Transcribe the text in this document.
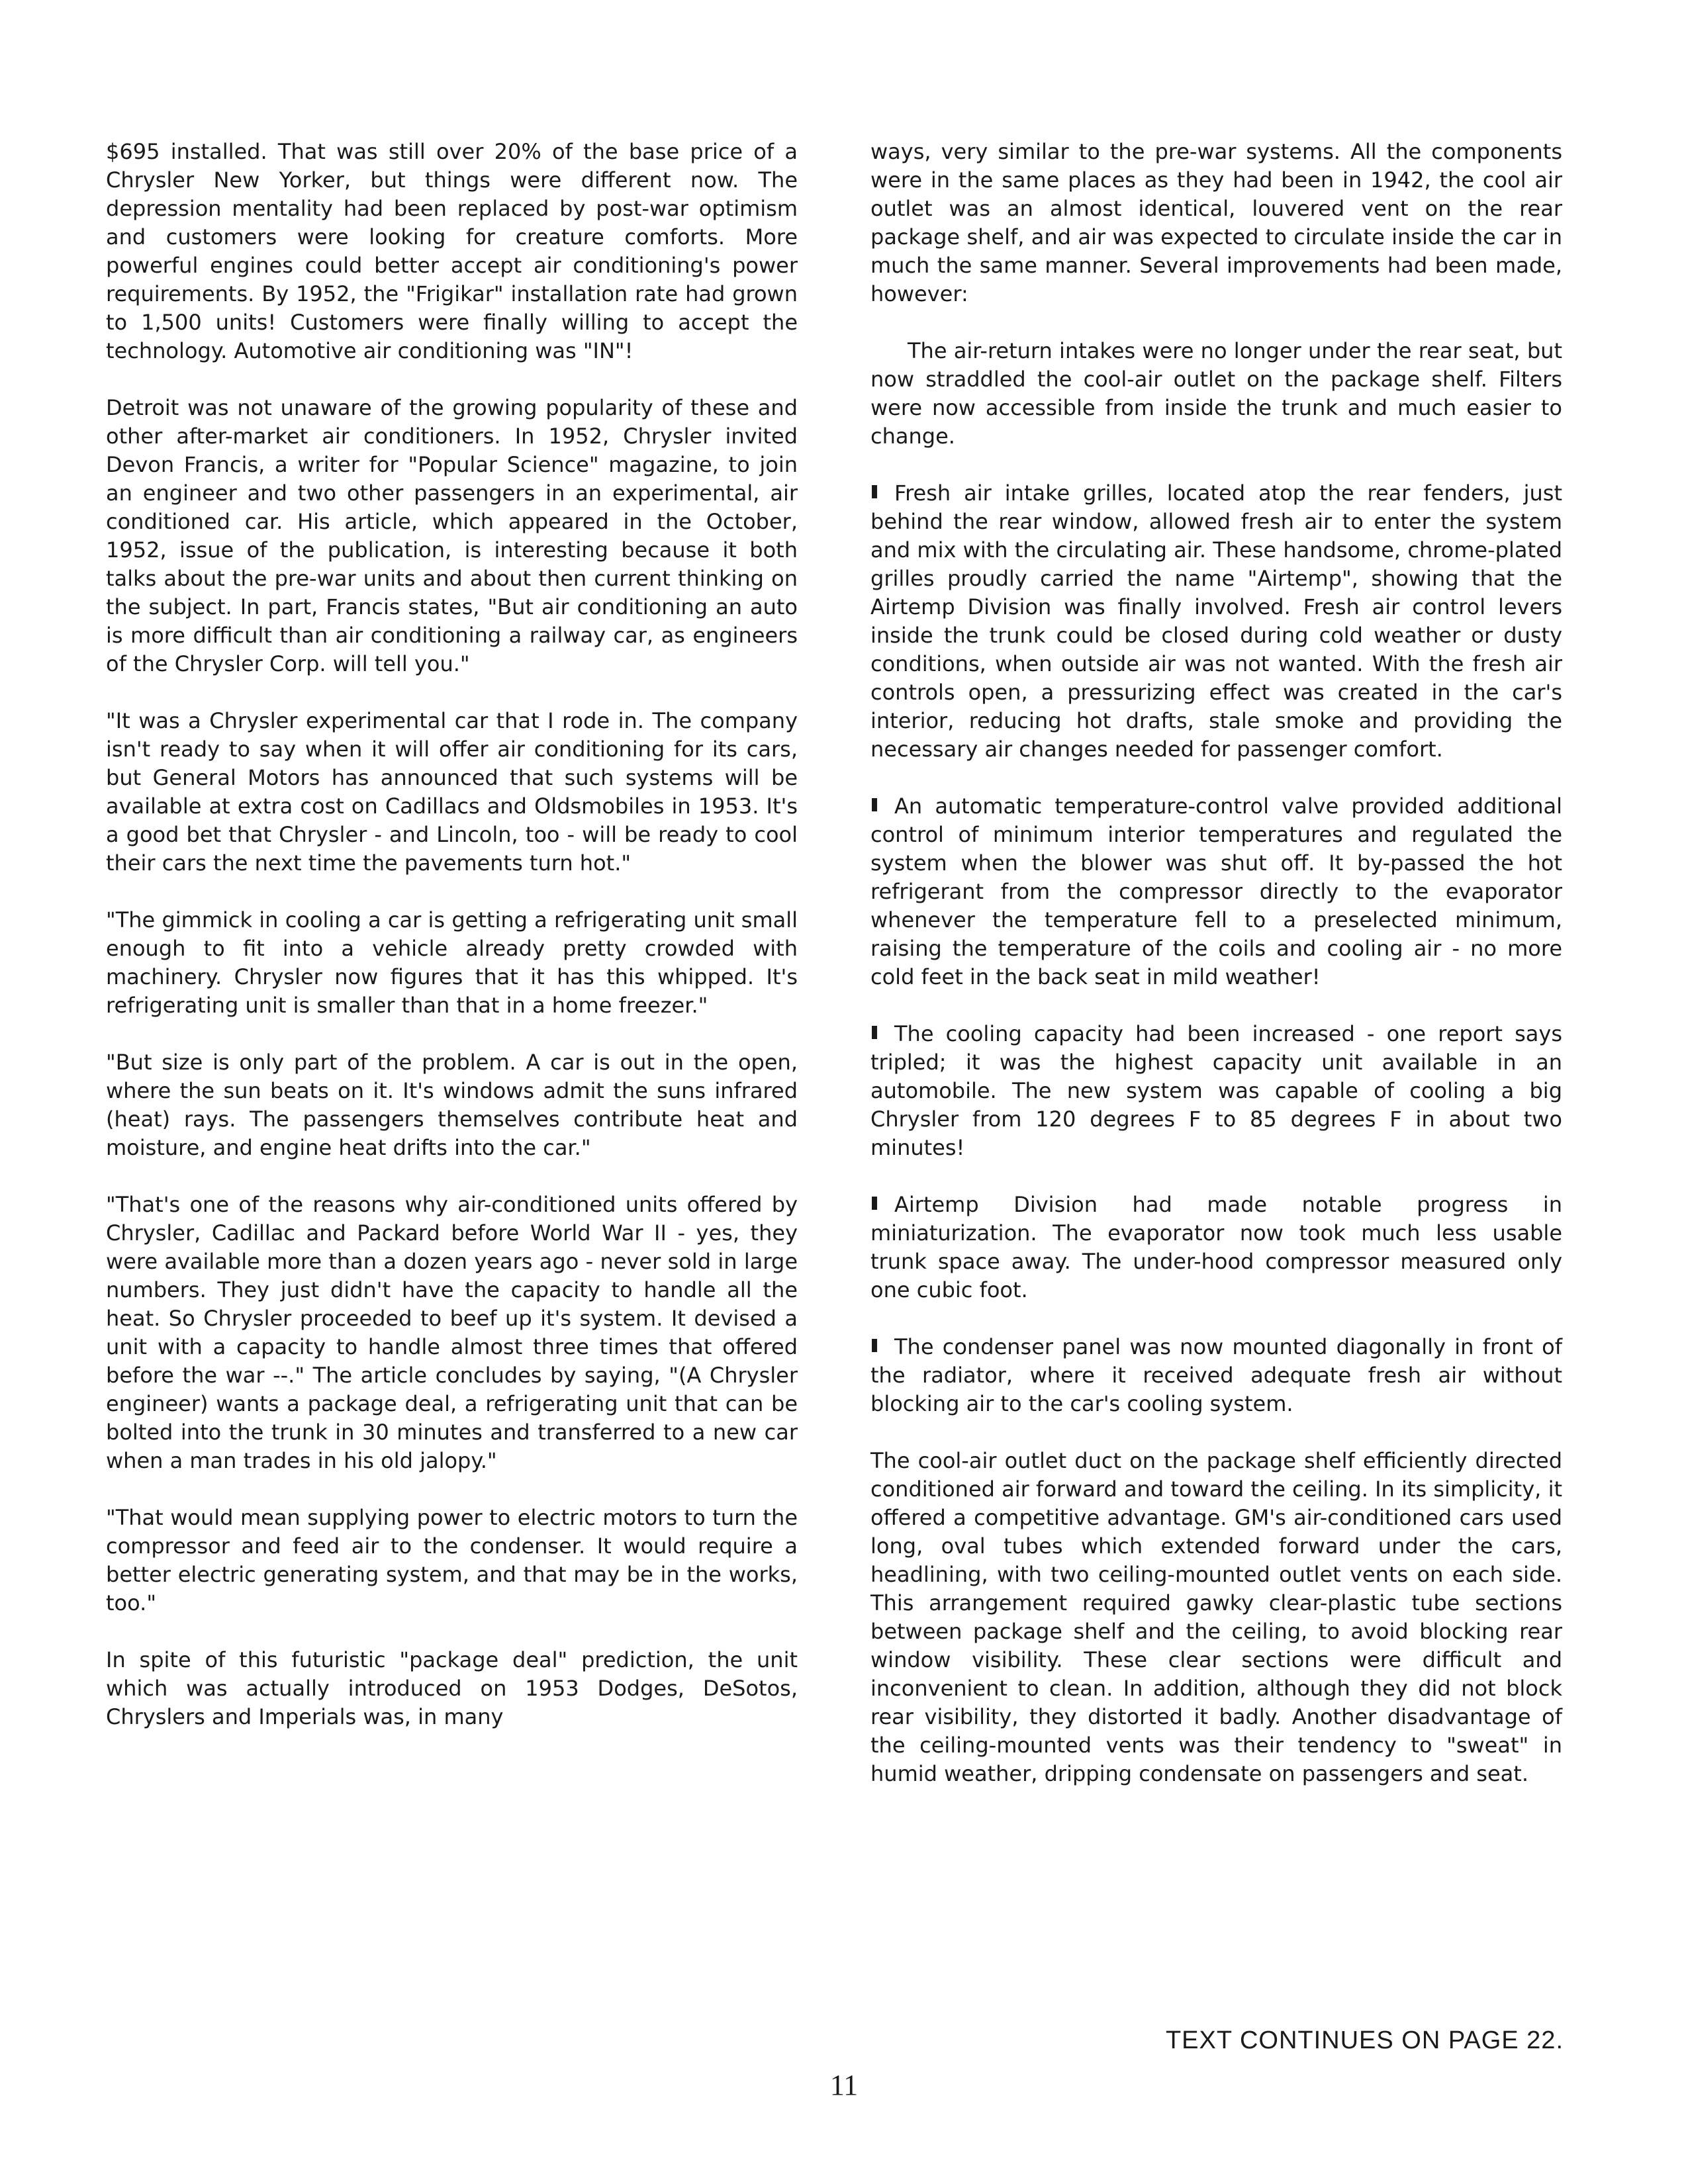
$695 installed. That was still over 20% of the base price of a Chrysler New Yorker, but things were different now. The depression mentality had been replaced by post-war optimism and customers were looking for creature comforts. More powerful engines could better accept air conditioning's power requirements. By 1952, the "Frigikar" installation rate had grown to 1,500 units! Customers were finally willing to accept the technology. Automotive air conditioning was "IN"!

Detroit was not unaware of the growing popularity of these and other after-market air conditioners. In 1952, Chrysler invited Devon Francis, a writer for "Popular Science" magazine, to join an engineer and two other passengers in an experimental, air conditioned car. His article, which appeared in the October, 1952, issue of the publication, is interesting because it both talks about the pre-war units and about then current thinking on the subject. In part, Francis states, "But air conditioning an auto is more difficult than air conditioning a railway car, as engineers of the Chrysler Corp. will tell you."

"It was a Chrysler experimental car that I rode in. The company isn't ready to say when it will offer air conditioning for its cars, but General Motors has announced that such systems will be available at extra cost on Cadillacs and Oldsmobiles in 1953. It's a good bet that Chrysler - and Lincoln, too - will be ready to cool their cars the next time the pavements turn hot."

"The gimmick in cooling a car is getting a refrigerating unit small enough to fit into a vehicle already pretty crowded with machinery. Chrysler now figures that it has this whipped. It's refrigerating unit is smaller than that in a home freezer."

"But size is only part of the problem. A car is out in the open, where the sun beats on it. It's windows admit the suns infrared (heat) rays. The passengers themselves contribute heat and moisture, and engine heat drifts into the car."

"That's one of the reasons why air-conditioned units offered by Chrysler, Cadillac and Packard before World War II - yes, they were available more than a dozen years ago - never sold in large numbers. They just didn't have the capacity to handle all the heat. So Chrysler proceeded to beef up it's system. It devised a unit with a capacity to handle almost three times that offered before the war --." The article concludes by saying, "(A Chrysler engineer) wants a package deal, a refrigerating unit that can be bolted into the trunk in 30 minutes and transferred to a new car when a man trades in his old jalopy."

"That would mean supplying power to electric motors to turn the compressor and feed air to the condenser. It would require a better electric generating system, and that may be in the works, too."

In spite of this futuristic "package deal" prediction, the unit which was actually introduced on 1953 Dodges, DeSotos, Chryslers and Imperials was, in many

ways, very similar to the pre-war systems. All the components were in the same places as they had been in 1942, the cool air outlet was an almost identical, louvered vent on the rear package shelf, and air was expected to circulate inside the car in much the same manner. Several improvements had been made, however:

The air-return intakes were no longer under the rear seat, but now straddled the cool-air outlet on the package shelf. Filters were now accessible from inside the trunk and much easier to change.

Fresh air intake grilles, located atop the rear fenders, just behind the rear window, allowed fresh air to enter the system and mix with the circulating air. These handsome, chrome-plated grilles proudly carried the name "Airtemp", showing that the Airtemp Division was finally involved. Fresh air control levers inside the trunk could be closed during cold weather or dusty conditions, when outside air was not wanted. With the fresh air controls open, a pressurizing effect was created in the car's interior, reducing hot drafts, stale smoke and providing the necessary air changes needed for passenger comfort.

An automatic temperature-control valve provided additional control of minimum interior temperatures and regulated the system when the blower was shut off. It by-passed the hot refrigerant from the compressor directly to the evaporator whenever the temperature fell to a preselected minimum, raising the temperature of the coils and cooling air - no more cold feet in the back seat in mild weather!

The cooling capacity had been increased - one report says tripled; it was the highest capacity unit available in an automobile. The new system was capable of cooling a big Chrysler from 120 degrees F to 85 degrees F in about two minutes!

Airtemp Division had made notable progress in miniaturization. The evaporator now took much less usable trunk space away. The under-hood compressor measured only one cubic foot.

The condenser panel was now mounted diagonally in front of the radiator, where it received adequate fresh air without blocking air to the car's cooling system.

The cool-air outlet duct on the package shelf efficiently directed conditioned air forward and toward the ceiling. In its simplicity, it offered a competitive advantage. GM's air-conditioned cars used long, oval tubes which extended forward under the cars, headlining, with two ceiling-mounted outlet vents on each side. This arrangement required gawky clear-plastic tube sections between package shelf and the ceiling, to avoid blocking rear window visibility. These clear sections were difficult and inconvenient to clean. In addition, although they did not block rear visibility, they distorted it badly. Another disadvantage of the ceiling-mounted vents was their tendency to "sweat" in humid weather, dripping condensate on passengers and seat.

TEXT CONTINUES ON PAGE 22.
11
